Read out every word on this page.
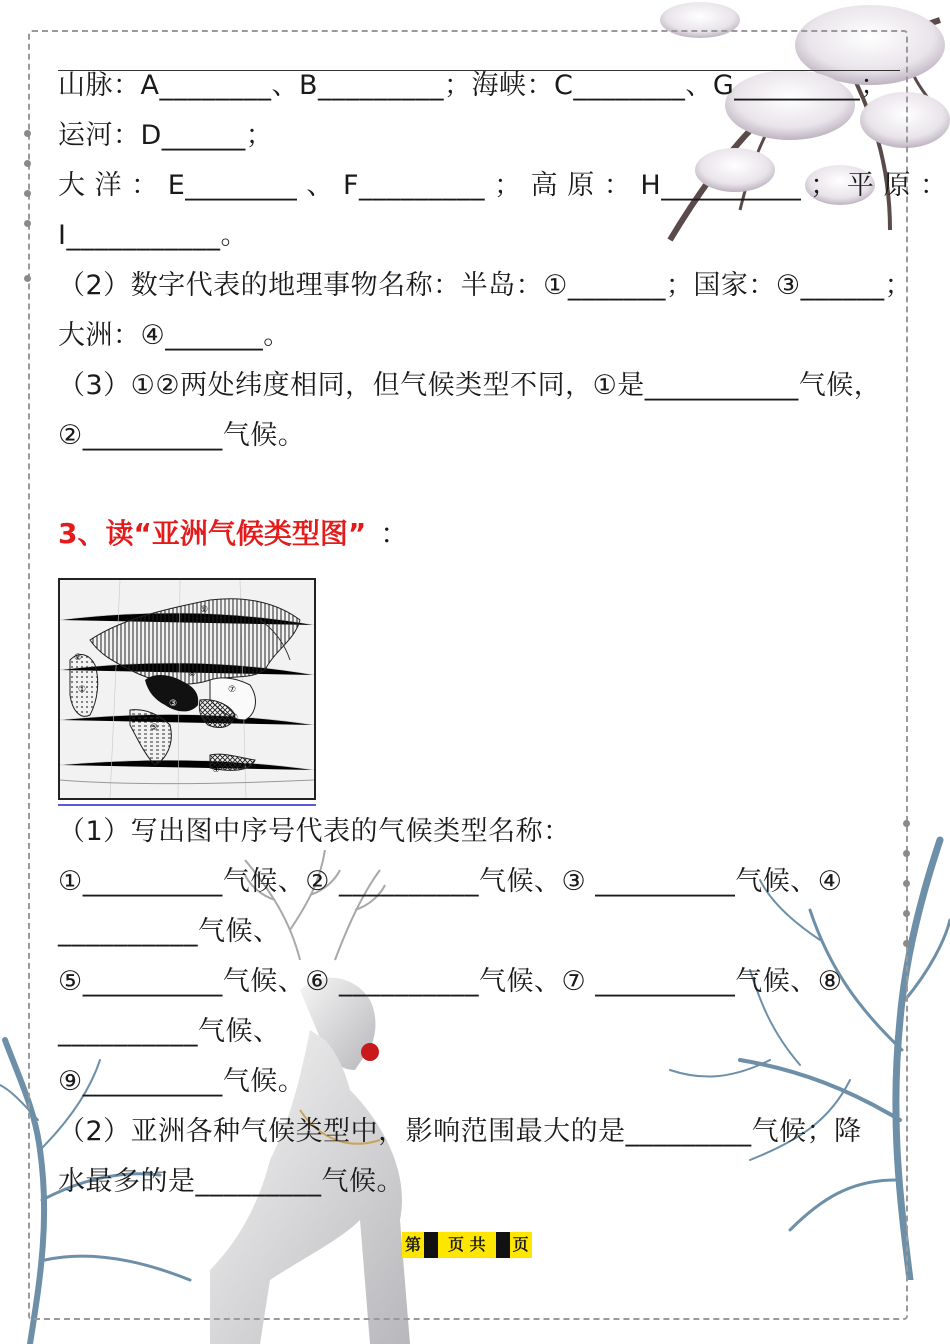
山脉：A________、B_________；海峡：C________、G_________；
运河：D______；
大 洋 ： E________ 、 F_________ ； 高 原 ： H__________ ； 平 原 ：
I___________。
（2）数字代表的地理事物名称：半岛：①_______；国家：③______；
大洲：④_______。
（3）①②两处纬度相同，但气候类型不同，①是___________气候，
②__________气候。
3、读“亚洲气候类型图” ：
（1）写出图中序号代表的气候类型名称：
①__________气候、② __________气候、③ __________气候、④
__________气候、
⑤__________气候、⑥ __________气候、⑦ __________气候、⑧
__________气候、
⑨__________气候。
（2）亚洲各种气候类型中，影响范围最大的是_________气候；降
水最多的是_________气候。
⑨
⑧
⑦
②
①
③
⑥
⑤
④
第	页 共	页
